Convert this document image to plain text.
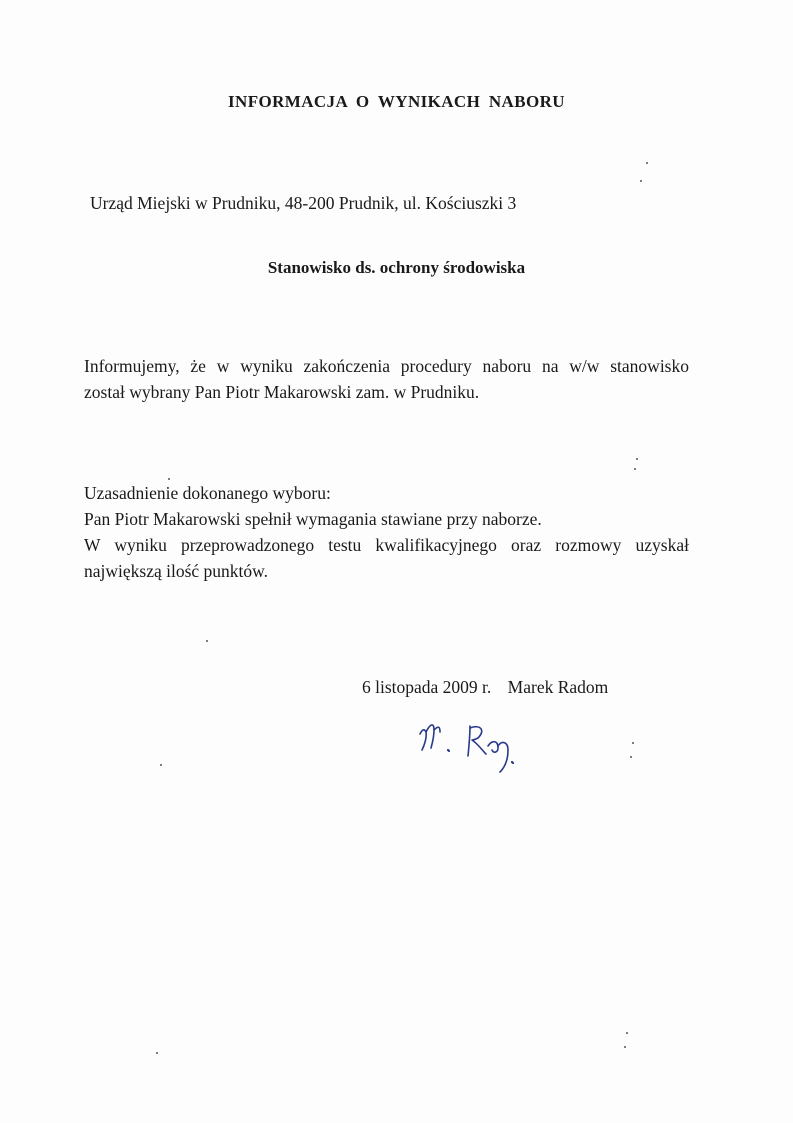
INFORMACJA O WYNIKACH NABORU
Urząd Miejski w Prudniku, 48-200 Prudnik, ul. Kościuszki 3
Stanowisko ds. ochrony środowiska
Informujemy, że w wyniku zakończenia procedury naboru na w/w stanowisko
został wybrany Pan Piotr Makarowski zam. w Prudniku.
Uzasadnienie dokonanego wyboru:
Pan Piotr Makarowski spełnił wymagania stawiane przy naborze.
W wyniku przeprowadzonego testu kwalifikacyjnego oraz rozmowy uzyskał
największą ilość punktów.
6 listopada 2009 r. Marek Radom
